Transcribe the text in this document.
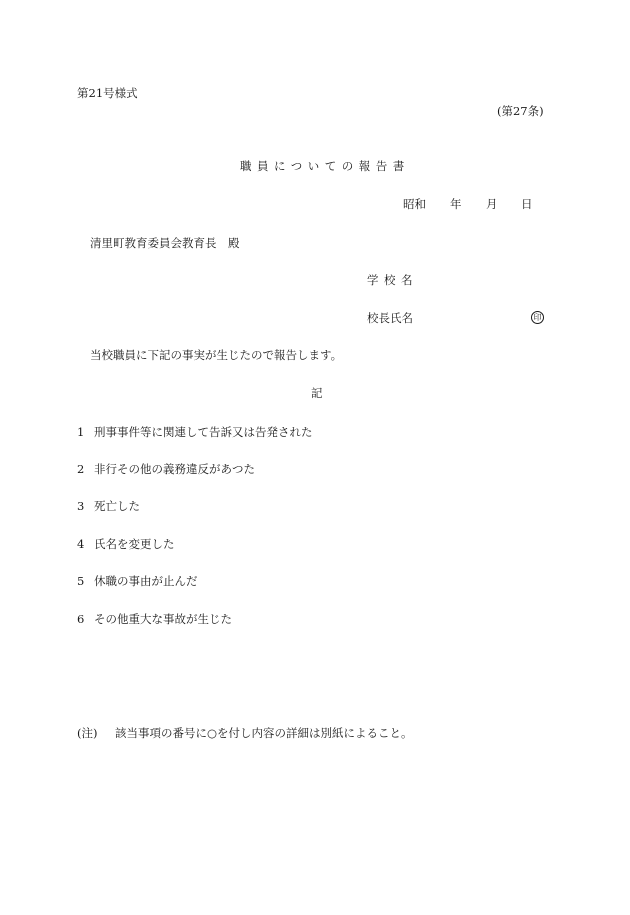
第21号様式
(第27条)
職員についての報告書
昭和 年 月 日
清里町教育委員会教育長　殿
学校名
校長氏名	印
当校職員に下記の事実が生じたので報告します。
記
1 刑事事件等に関連して告訴又は告発された
2 非行その他の義務違反があつた
3 死亡した
4 氏名を変更した
5 休職の事由が止んだ
6 その他重大な事故が生じた
(注) 該当事項の番号に○を付し内容の詳細は別紙によること。
